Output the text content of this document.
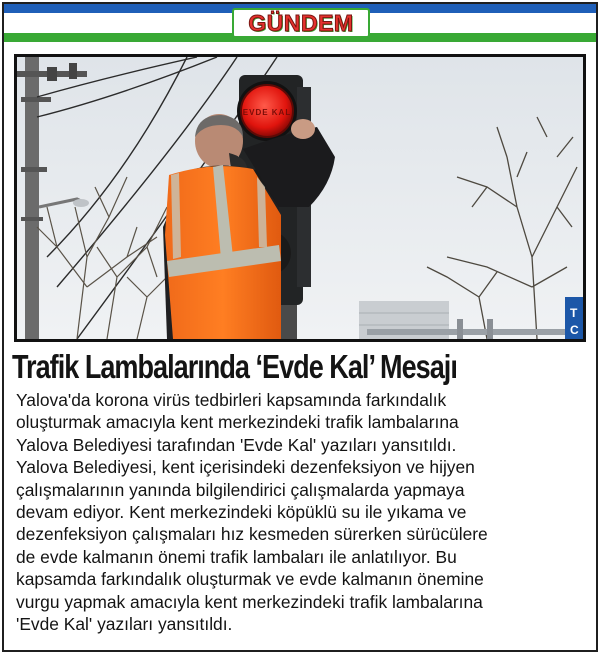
GÜNDEM
T
C
EVDE KAL
Trafik Lambalarında ‘Evde Kal’ Mesajı
Yalova'da korona virüs tedbirleri kapsamında farkındalık
oluşturmak amacıyla kent merkezindeki trafik lambalarına
Yalova Belediyesi tarafından 'Evde Kal' yazıları yansıtıldı.
Yalova Belediyesi, kent içerisindeki dezenfeksiyon ve hijyen
çalışmalarının yanında bilgilendirici çalışmalarda yapmaya
devam ediyor. Kent merkezindeki köpüklü su ile yıkama ve
dezenfeksiyon çalışmaları hız kesmeden sürerken sürücülere
de evde kalmanın önemi trafik lambaları ile anlatılıyor. Bu
kapsamda farkındalık oluşturmak ve evde kalmanın önemine
vurgu yapmak amacıyla kent merkezindeki trafik lambalarına
'Evde Kal' yazıları yansıtıldı.
